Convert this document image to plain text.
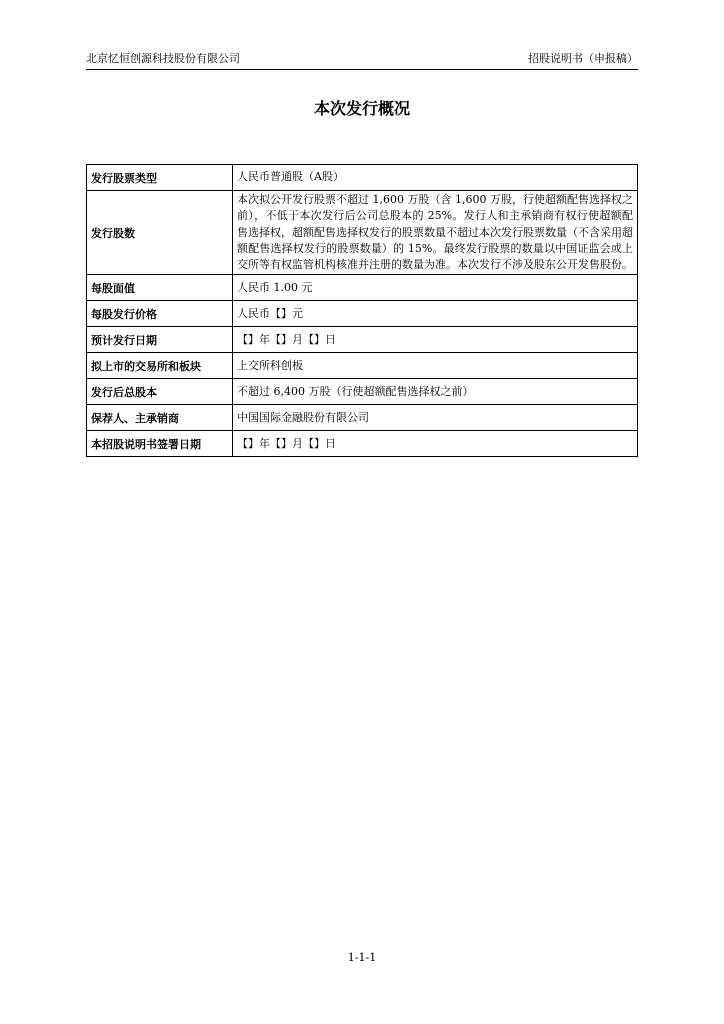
北京忆恒创源科技股份有限公司	招股说明书（申报稿）
本次发行概况
发行股票类型	人民币普通股（A股）
发行股数	本次拟公开发行股票不超过 1,600 万股（含 1,600 万股，行使超额配售选择权之前），不低于本次发行后公司总股本的 25%。发行人和主承销商有权行使超额配售选择权，超额配售选择权发行的股票数量不超过本次发行股票数量（不含采用超额配售选择权发行的股票数量）的 15%。最终发行股票的数量以中国证监会或上交所等有权监管机构核准并注册的数量为准。本次发行不涉及股东公开发售股份。
每股面值	人民币 1.00 元
每股发行价格	人民币【】元
预计发行日期	【】年【】月【】日
拟上市的交易所和板块	上交所科创板
发行后总股本	不超过 6,400 万股（行使超额配售选择权之前）
保荐人、主承销商	中国国际金融股份有限公司
本招股说明书签署日期	【】年【】月【】日
1-1-1
